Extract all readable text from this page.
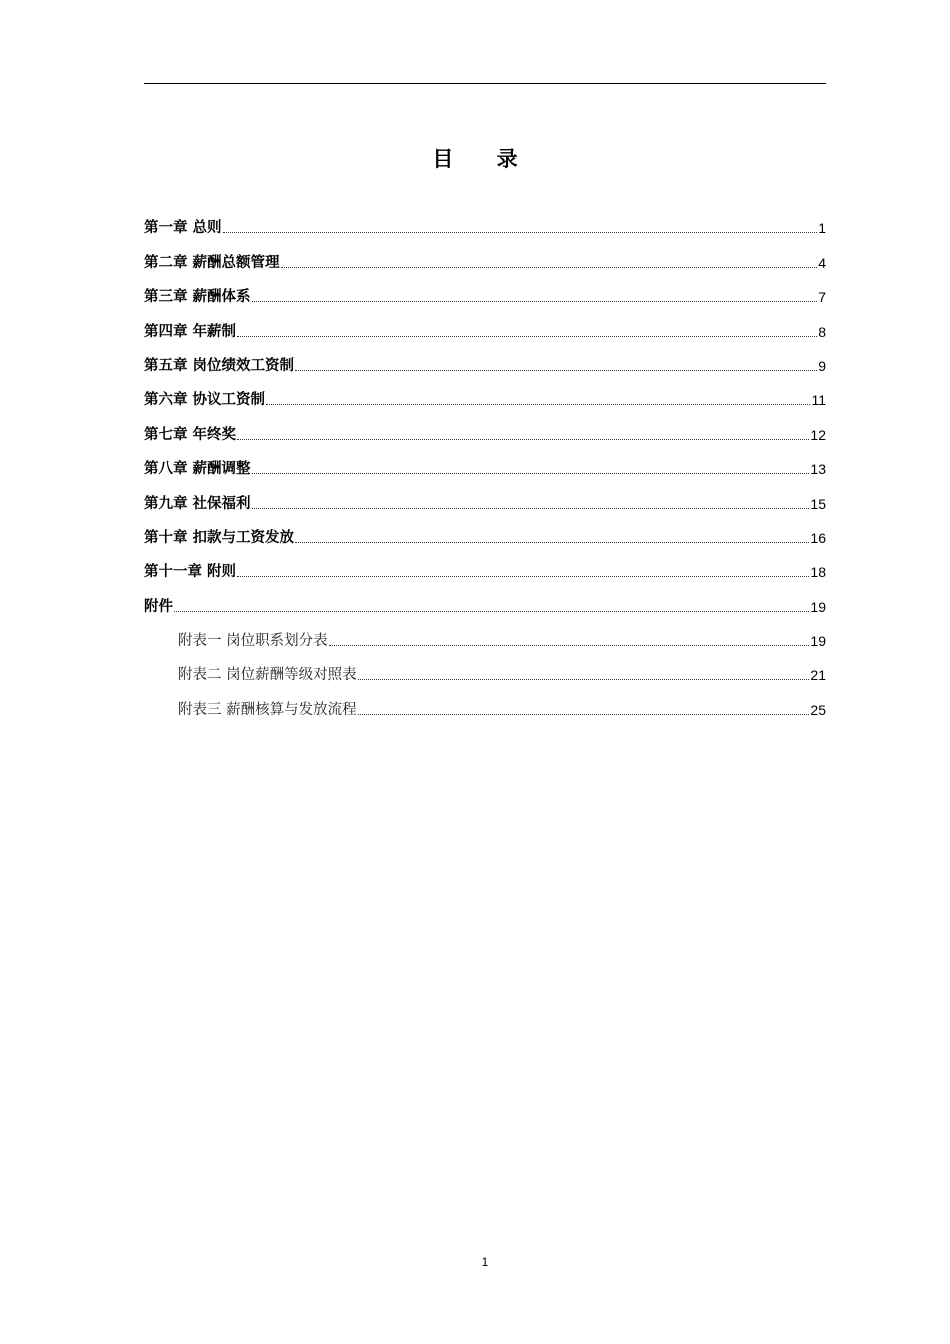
目 录
第一章 总则	1
第二章 薪酬总额管理	4
第三章 薪酬体系	7
第四章 年薪制	8
第五章 岗位绩效工资制	9
第六章 协议工资制	11
第七章 年终奖	12
第八章 薪酬调整	13
第九章 社保福利	15
第十章 扣款与工资发放	16
第十一章 附则	18
附件	19
附表一 岗位职系划分表	19
附表二 岗位薪酬等级对照表	21
附表三 薪酬核算与发放流程	25
1
